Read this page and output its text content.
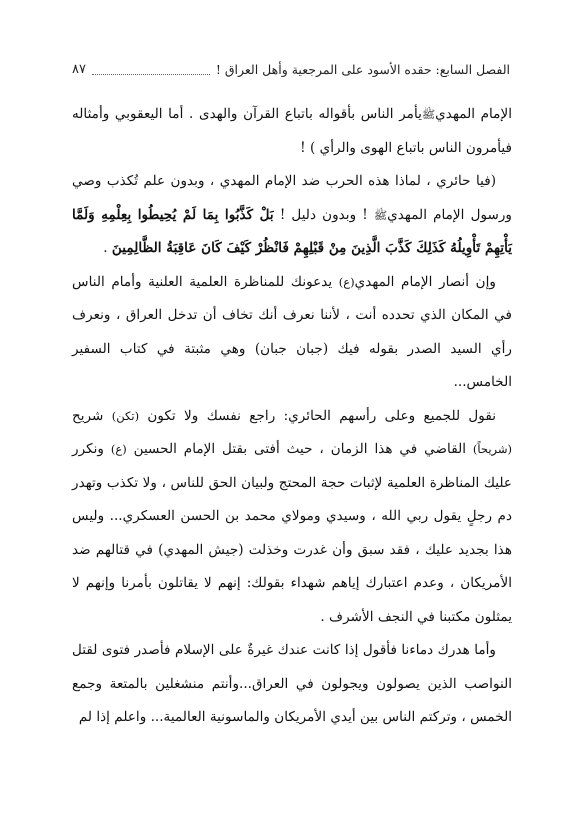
الفصل السابع: حقده الأسود على المرجعية وأهل العراق !
٨٧

الإمام المهديﷺيأمر الناس بأقواله باتباع القرآن والهدى . أما اليعقوبي وأمثاله فيأمرون الناس باتباع الهوى والرأي ) !

(فيا حائري ، لماذا هذه الحرب ضد الإمام المهدي ، وبدون علم تُكذب وصي ورسول الإمام المهديﷺ ! وبدون دليل ! بَلْ كَذَّبُوا بِمَا لَمْ يُحِيطُوا بِعِلْمِهِ وَلَمَّا يَأْتِهِمْ تَأْوِيلُهُ كَذَلِكَ كَذَّبَ الَّذِينَ مِنْ قَبْلِهِمْ فَانْظُرْ كَيْفَ كَانَ عَاقِبَةُ الظَّالِمِينَ .

وإن أنصار الإمام المهدي(ع) يدعونك للمناظرة العلمية العلنية وأمام الناس في المكان الذي تحدده أنت ، لأننا نعرف أنك تخاف أن تدخل العراق ، ونعرف رأي السيد الصدر بقوله فيك (جبان جبان) وهي مثبتة في كتاب السفير الخامس...

نقول للجميع وعلى رأسهم الحائري: راجع نفسك ولا تكون (تكن) شريح (شريحاً) القاضي في هذا الزمان ، حيث أفتى بقتل الإمام الحسين (ع) ونكرر عليك المناظرة العلمية لإثبات حجة المحتج ولبيان الحق للناس ، ولا تكذب وتهدر دم رجلٍ يقول ربي الله ، وسيدي ومولاي محمد بن الحسن العسكري... وليس هذا بجديد عليك ، فقد سبق وأن غدرت وخذلت (جيش المهدي) في قتالهم ضد الأمريكان ، وعدم اعتبارك إياهم شهداء بقولك: إنهم لا يقاتلون بأمرنا وإنهم لا يمثلون مكتبنا في النجف الأشرف .

وأما هدرك دماءنا فأقول إذا كانت عندك غيرةٌ على الإسلام فأصدر فتوى لقتل النواصب الذين يصولون ويجولون في العراق...وأنتم منشغلين بالمتعة وجمع الخمس ، وتركتم الناس بين أيدي الأمريكان والماسونية العالمية... واعلم إذا لم
